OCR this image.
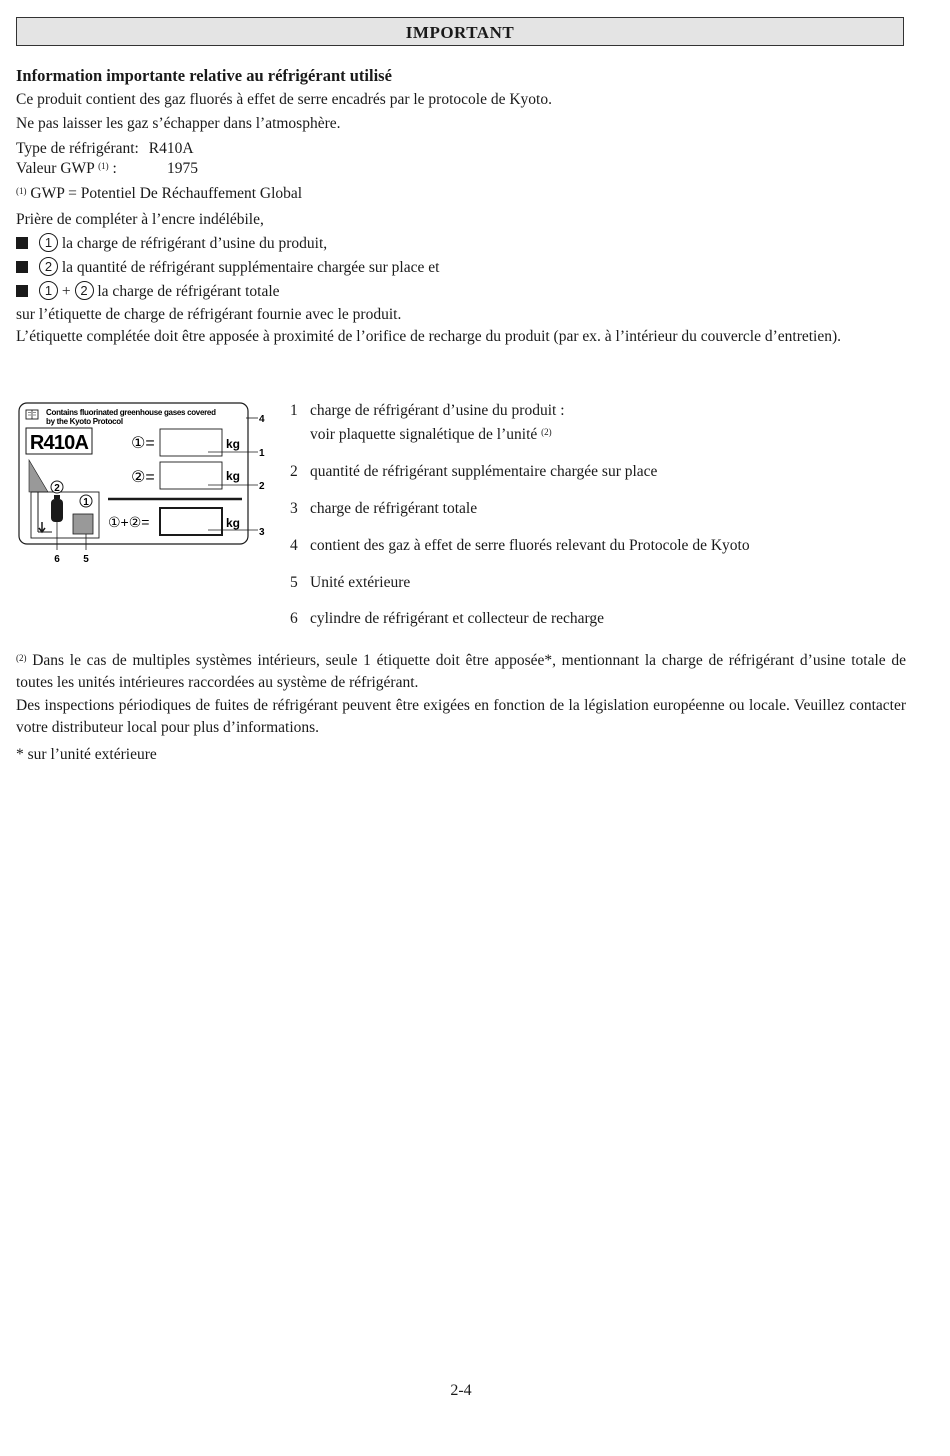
IMPORTANT
Information importante relative au réfrigérant utilisé
Ce produit contient des gaz fluorés à effet de serre encadrés par le protocole de Kyoto.
Ne pas laisser les gaz s’échapper dans l’atmosphère.
Type de réfrigérant: R410A
Valeur GWP $^{(1)}$ :	1975
$^{(1)}$ GWP = Potentiel De Réchauffement Global
Prière de compléter à l’encre indélébile,
1 la charge de réfrigérant d’usine du produit,
2 la quantité de réfrigérant supplémentaire chargée sur place et
1 + 2 la charge de réfrigérant totale
sur l’étiquette de charge de réfrigérant fournie avec le produit.
L’étiquette complétée doit être apposée à proximité de l’orifice de recharge du produit (par ex. à l’intérieur du couvercle d’entretien).
Contains fluorinated greenhouse gases covered
by the Kyoto Protocol
R410A	①=	kg
②=	kg
①+②=	kg
2
1
4
1
2
3
6 5
1 charge de réfrigérant d’usine du produit :
voir plaquette signalétique de l’unité $^{(2)}$
2 quantité de réfrigérant supplémentaire chargée sur place
3 charge de réfrigérant totale
4 contient des gaz à effet de serre fluorés relevant du Protocole de Kyoto
5 Unité extérieure
6 cylindre de réfrigérant et collecteur de recharge
$^{(2)}$ Dans le cas de multiples systèmes intérieurs, seule 1 étiquette doit être apposée*, mentionnant la charge de réfrigérant d’usine totale de toutes les unités intérieures raccordées au système de réfrigérant.
Des inspections périodiques de fuites de réfrigérant peuvent être exigées en fonction de la législation européenne ou locale. Veuillez contacter votre distributeur local pour plus d’informations.
* sur l’unité extérieure
2-4
